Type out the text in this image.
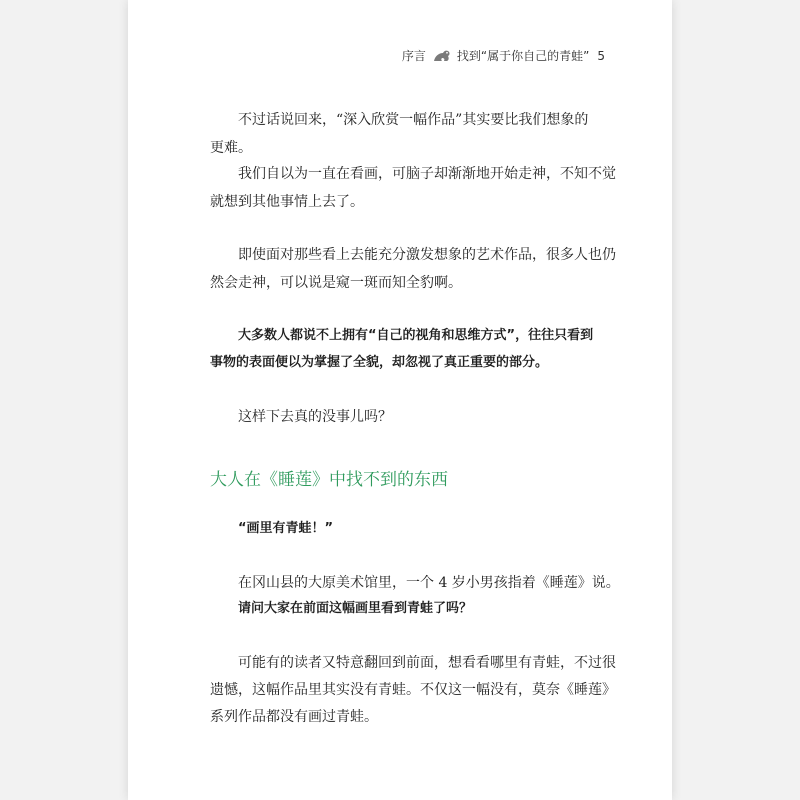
序言	找到“属于你自己的青蛙” 5
不过话说回来，“深入欣赏一幅作品”其实要比我们想象的
更难。
我们自以为一直在看画，可脑子却渐渐地开始走神，不知不觉
就想到其他事情上去了。
即使面对那些看上去能充分激发想象的艺术作品，很多人也仍
然会走神，可以说是窥一斑而知全豹啊。
大多数人都说不上拥有“自己的视角和思维方式”，往往只看到
事物的表面便以为掌握了全貌，却忽视了真正重要的部分。
这样下去真的没事儿吗？
大人在《睡莲》中找不到的东西
“画里有青蛙！”
在冈山县的大原美术馆里，一个 4 岁小男孩指着《睡莲》说。
请问大家在前面这幅画里看到青蛙了吗？
可能有的读者又特意翻回到前面，想看看哪里有青蛙，不过很
遗憾，这幅作品里其实没有青蛙。不仅这一幅没有，莫奈《睡莲》
系列作品都没有画过青蛙。
